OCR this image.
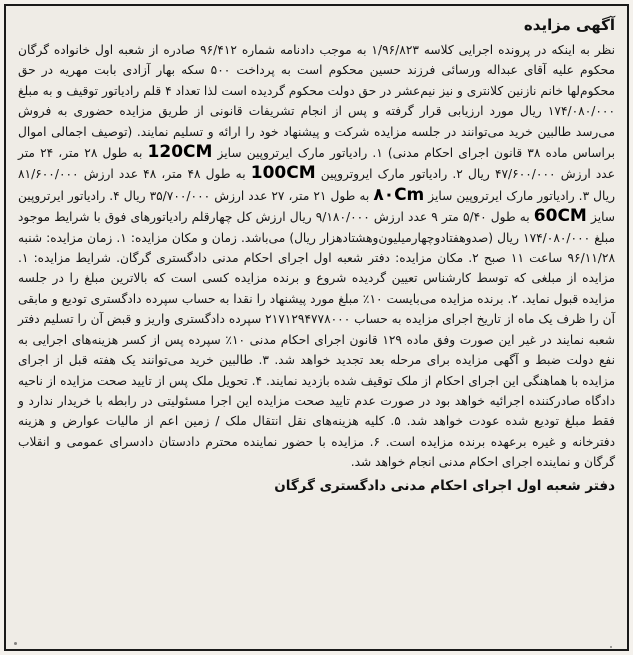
آگهی مزایده

نظر به اینکه در پرونده اجرایی کلاسه ۱/۹۶/۸۲۳ به موجب دادنامه شماره ۹۶/۴۱۲ صادره از شعبه اول خانواده گرگان محکوم علیه آقای عبداله ورسائی فرزند حسین محکوم است به پرداخت ۵۰۰ سکه بهار آزادی بابت مهریه در حق محکوم‌لها خانم نازنین کلانتری و نیز نیم‌عشر در حق دولت محکوم گردیده است لذا تعداد ۴ قلم رادیاتور توقیف و به مبلغ ۱۷۴/۰۸۰/۰۰۰ ریال مورد ارزیابی قرار گرفته و پس از انجام تشریفات قانونی از طریق مزایده حضوری به فروش می‌رسد طالبین خرید می‌توانند در جلسه مزایده شرکت و پیشنهاد خود را ارائه و تسلیم نمایند. (توصیف اجمالی اموال براساس ماده ۳۸ قانون اجرای احکام مدنی) ۱. رادیاتور مارک ایرتروپین سایز 120CM به طول ۲۸ متر، ۲۴ متر عدد ارزش ۴۷/۶۰۰/۰۰۰ ریال ۲. رادیاتور مارک ایروتروپین 100CM به طول ۴۸ متر، ۴۸ عدد ارزش ۸۱/۶۰۰/۰۰۰ ریال ۳. رادیاتور مارک ایرتروپین سایز ۸۰Cm به طول ۲۱ متر، ۲۷ عدد ارزش ۳۵/۷۰۰/۰۰۰ ریال ۴. رادیاتور ایرتروپین سایز 60CM به طول ۵/۴۰ متر ۹ عدد ارزش ۹/۱۸۰/۰۰۰ ریال ارزش کل چهارقلم رادیاتورهای فوق با شرایط موجود مبلغ ۱۷۴/۰۸۰/۰۰۰ ریال (صدوهفتادوچهارمیلیون‌وهشتادهزار ریال) می‌باشد. زمان و مکان مزایده: ۱. زمان مزایده: شنبه ۹۶/۱۱/۲۸ ساعت ۱۱ صبح ۲. مکان مزایده: دفتر شعبه اول اجرای احکام مدنی دادگستری گرگان. شرایط مزایده: ۱. مزایده از مبلغی که توسط کارشناس تعیین گردیده شروع و برنده مزایده کسی است که بالاترین مبلغ را در جلسه مزایده قبول نماید. ۲. برنده مزایده می‌بایست ۱۰٪ مبلغ مورد پیشنهاد را نقدا به حساب سپرده دادگستری تودیع و مابقی آن را ظرف یک ماه از تاریخ اجرای مزایده به حساب ۲۱۷۱۲۹۴۷۷۸۰۰۰ سپرده دادگستری واریز و قبض آن را تسلیم دفتر شعبه نمایند در غیر این صورت وفق ماده ۱۲۹ قانون اجرای احکام مدنی ۱۰٪ سپرده پس از کسر هزینه‌های اجرایی به نفع دولت ضبط و آگهی مزایده برای مرحله بعد تجدید خواهد شد. ۳. طالبین خرید می‌توانند یک هفته قبل از اجرای مزایده با هماهنگی این اجرای احکام از ملک توقیف شده بازدید نمایند. ۴. تحویل ملک پس از تایید صحت مزایده از ناحیه دادگاه صادرکننده اجرائیه خواهد بود در صورت عدم تایید صحت مزایده این اجرا مسئولیتی در رابطه با خریدار ندارد و فقط مبلغ تودیع شده عودت خواهد شد. ۵. کلیه هزینه‌های نقل انتقال ملک / زمین اعم از مالیات عوارض و هزینه دفترخانه و غیره برعهده برنده مزایده است. ۶. مزایده با حضور نماینده محترم دادستان دادسرای عمومی و انقلاب گرگان و نماینده اجرای احکام مدنی انجام خواهد شد.

دفتر شعبه اول اجرای احکام مدنی دادگستری گرگان
